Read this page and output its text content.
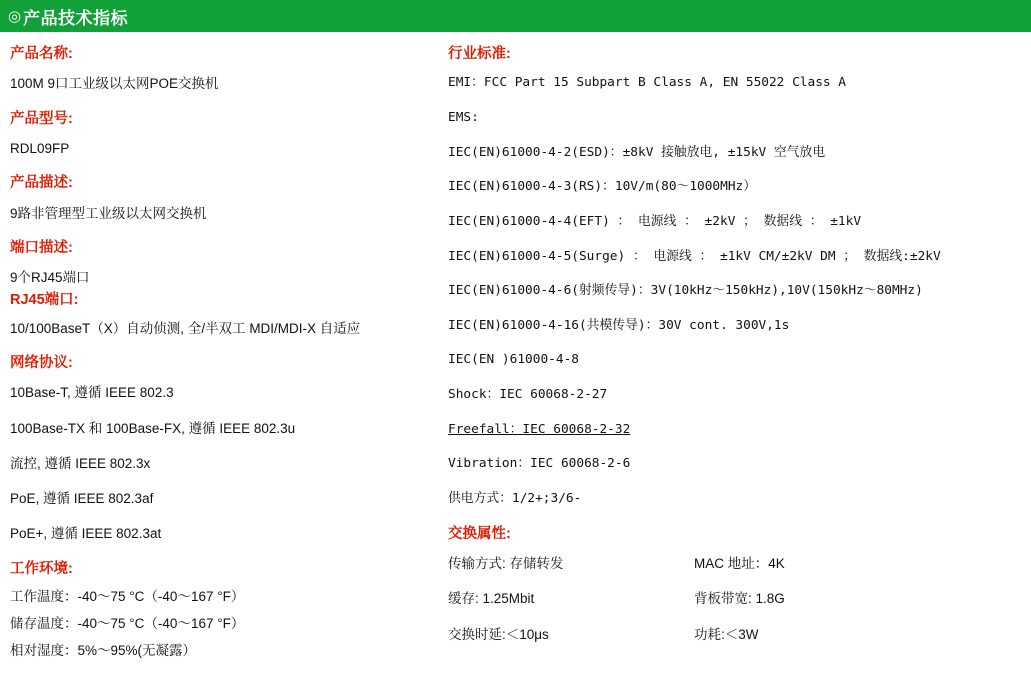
◎ 产品技术指标
产品名称:
100M 9口工业级以太网POE交换机
产品型号:
RDL09FP
产品描述:
9路非管理型工业级以太网交换机
端口描述:
9个RJ45端口
RJ45端口:
10/100BaseT（X）自动侦测, 全/半双工 MDI/MDI-X 自适应
网络协议:
10Base-T, 遵循 IEEE 802.3
100Base-TX 和 100Base-FX, 遵循 IEEE 802.3u
流控, 遵循 IEEE 802.3x
PoE, 遵循 IEEE 802.3af
PoE+, 遵循 IEEE 802.3at
工作环境:
工作温度：-40～75 °C（-40～167 °F）
储存温度：-40～75 °C（-40～167 °F）
相对湿度：5%～95%(无凝露）
行业标准:
EMI：FCC Part 15 Subpart B Class A, EN 55022 Class A
EMS:
IEC(EN)61000-4-2(ESD)：±8kV 接触放电, ±15kV 空气放电
IEC(EN)61000-4-3(RS)：10V/m(80～1000MHz）
IEC(EN)61000-4-4(EFT) ： 电源线 ： ±2kV ； 数据线 ： ±1kV
IEC(EN)61000-4-5(Surge) ： 电源线 ： ±1kV CM/±2kV DM ； 数据线:±2kV
IEC(EN)61000-4-6(射频传导)：3V(10kHz～150kHz),10V(150kHz～80MHz)
IEC(EN)61000-4-16(共模传导)：30V cont. 300V,1s
IEC(EN )61000-4-8
Shock：IEC 60068-2-27
Freefall：IEC 60068-2-32
Vibration：IEC 60068-2-6
供电方式：1/2+;3/6-
交换属性:
传输方式: 存储转发	MAC 地址：4K
缓存: 1.25Mbit	背板带宽: 1.8G
交换时延:＜10μs	功耗:＜3W
